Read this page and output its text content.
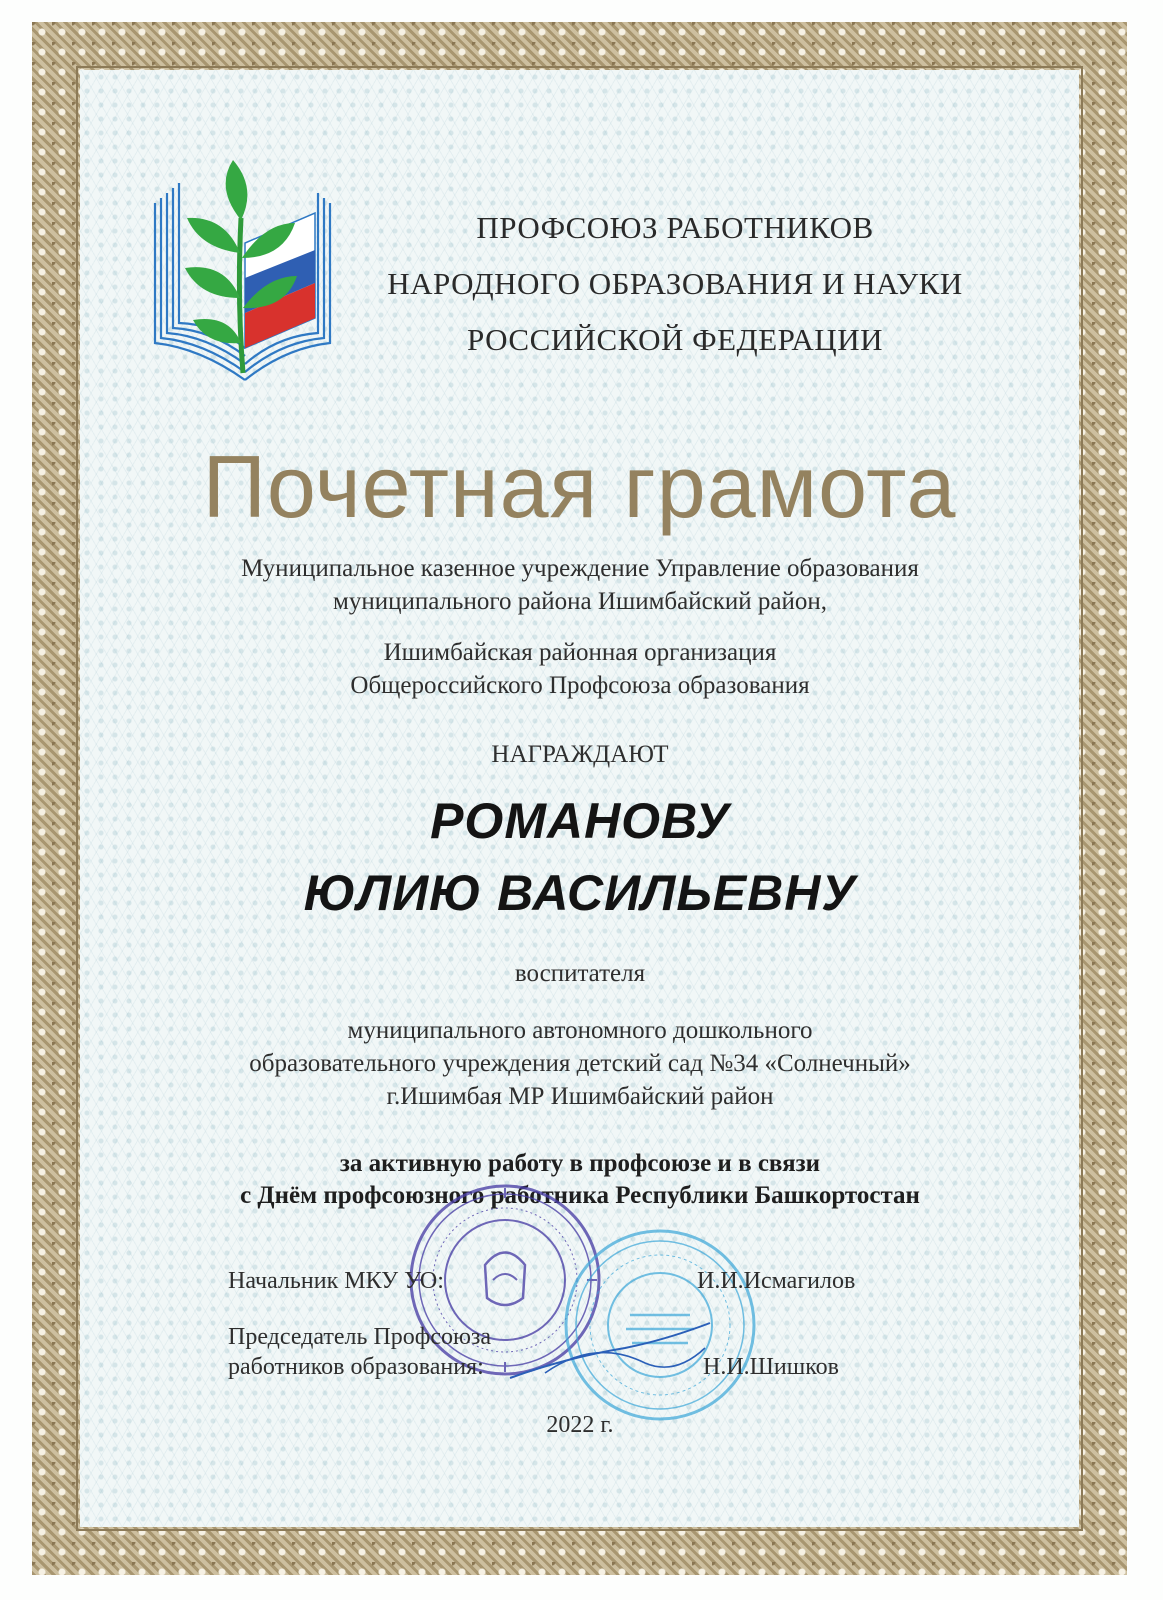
ПРОФСОЮЗ РАБОТНИКОВ
НАРОДНОГО ОБРАЗОВАНИЯ И НАУКИ
РОССИЙСКОЙ ФЕДЕРАЦИИ
Почетная грамота
Муниципальное казенное учреждение Управление образования
муниципального района Ишимбайский район,
Ишимбайская районная организация
Общероссийского Профсоюза образования
НАГРАЖДАЮТ
РОМАНОВУ
ЮЛИЮ ВАСИЛЬЕВНУ
воспитателя
муниципального автономного дошкольного
образовательного учреждения детский сад №34 «Солнечный»
г.Ишимбая МР Ишимбайский район
за активную работу в профсоюзе и в связи
с Днём профсоюзного работника Республики Башкортостан
Начальник МКУ УО:	И.И.Исмагилов
Председатель Профсоюза
работников образования:	Н.И.Шишков
2022 г.
